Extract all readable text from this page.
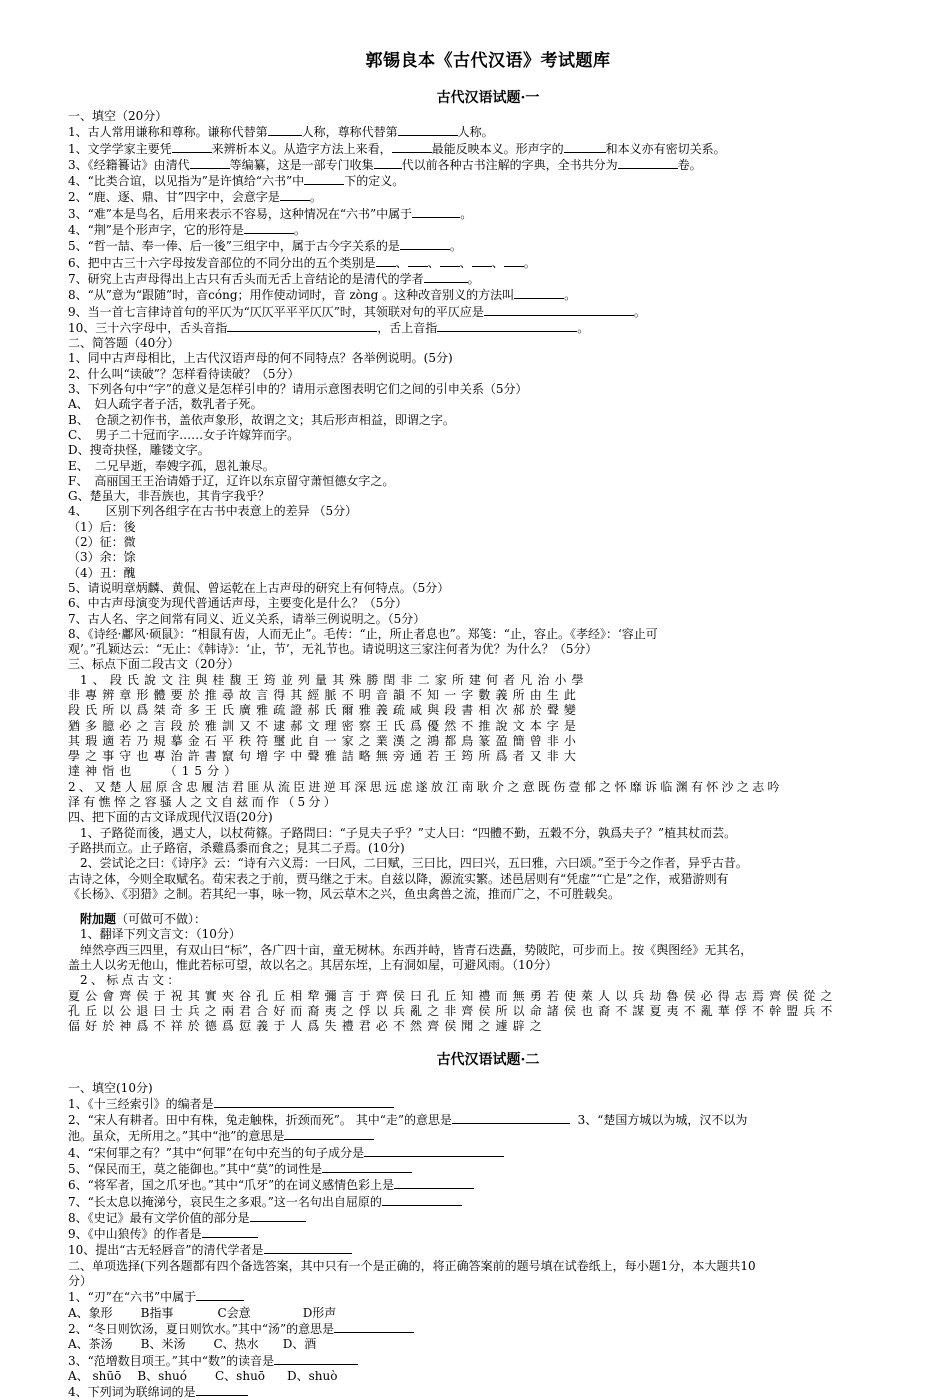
郭锡良本《古代汉语》考试题库
古代汉语试题·一
一、填空（20分）
1、古人常用谦称和尊称。谦称代替第	人称，尊称代替第	人称。
1、文学学家主要凭	来辨析本义。从造字方法上来看，	最能反映本义。形声字的	和本义亦有密切关系。
3、《经籍籑诂》由清代	等编纂，这是一部专门收集 代以前各种古书注解的字典，全书共分为	卷。
4、“比类合谊，以见指为”是许慎给“六书”中	下的定义。
2、“鹿、逐、鼎、甘”四字中，会意字是	。
3、“难”本是鸟名，后用来表示不容易，这种情况在“六书”中属于	。
4、“荆”是个形声字，它的形符是	。
5、“哲一喆、奉一俸、后一後”三组字中，属于古今字关系的是	。
6、把中古三十六字母按发音部位的不同分出的五个类别是 、 、 、 、 。
7、研究上古声母得出上古只有舌头而无舌上音结论的是清代的学者	。
8、“从”意为“跟随”时，音cóng；用作使动词时，音 zòng 。这种改音别义的方法叫	。
9、当一首七言律诗首句的平仄为“仄仄平平平仄仄”时，其领联对句的平仄应是	。
10、三十六字母中，舌头音指	，舌上音指	。
二、简答题（40分）
1、同中古声母相比，上古代汉语声母的何不同特点？各举例说明。(5分)
2、什么叫“读破”？怎样看待读破？（5分）
3、下列各句中“字”的意义是怎样引申的？请用示意图表明它们之间的引申关系（5分）
A、　妇人疏字者子活，数乳者子死。
B、　仓颉之初作书，盖依声象形，故谓之文；其后形声相益，即谓之字。
C、　男子二十冠而字……女子许嫁笄而字。
D、搜奇抉怪，雕镂文字。
E、　二兄早逝，奉嫂字孤，恩礼兼尽。
F、　高丽国王王治请婚于辽，辽许以东京留守萧恒德女字之。
G、楚虽大，非吾族也，其肯字我乎？
4、　　区别下列各组字在古书中表意上的差异 （5分）
（1）后：後
（2）征：微
（3）余：馀
（4）丑：醜
5、请说明章炳麟、黄侃、曾运乾在上古声母的研究上有何特点。（5分）
6、中古声母演变为现代普通话声母，主要变化是什么？（5分）
7、古人名、字之间常有同义、近义关系，请举三例说明之。（5分）
8、《诗经·鄘风·硕鼠》：“相鼠有齿，人而无止”。毛传：“止，所止者息也”。郑笺：“止，容止。《孝经》：‘容止可
观’。”孔颖达云：“无止：《韩诗》：‘止，节’，无礼节也。请说明这三家注何者为优？为什么？（5分）
三、标点下面二段古文（20分）
1、段氏說文注與桂馥王筠並列量其殊勝閏非二家所建何者凡治小學
非專辨章形體要於推尋故言得其經脈不明音韻不知一字數義所由生此
段氏所以爲桀奇多王氏廣雅疏證郝氏爾雅義疏咸與段書相次郝於聲變
猶多臆必之言段於雅訓又不逮郝文理密察王氏爲優然不推說文本字是
其瑕適若乃規摹金石平秩符璽此自一家之業漢之鴻都鳥篆盈簡曾非小
學之事守也專治許書竄句增字中聲雅詰略無旁通若王筠所爲者又非大
達神恉也　　（15分）
2、又楚人屈原含忠履洁君匪从流臣进逆耳深思远虑遂放江南耿介之意既伤壹郁之怀靡诉临渊有怀沙之志吟
泽有憔悴之容骚人之文自兹而作（5分）
四、把下面的古文译成现代汉语(20分)
1、子路從而後，遇丈人，以杖荷篠。子路問曰：“子見夫子乎？”丈人曰：“四體不勤，五穀不分，孰爲夫子？”植其杖而芸。
子路拱而立。止子路宿，杀雞爲黍而食之；見其二子焉。(10分)
2、尝试论之曰：《诗序》云：“诗有六义焉：一曰风，二曰赋，三曰比，四曰兴，五曰雅，六曰颂。”至于今之作者，异乎古昔。
古诗之体，今则全取赋名。荀宋表之于前，贾马继之于末。自兹以降，源流实繁。述邑居则有“凭虚”“亡是”之作，戒猎游则有
《长杨》、《羽猎》之制。若其纪一事，咏一物，风云草木之兴，鱼虫禽兽之流，推而广之，不可胜载矣。
附加题（可做可不做）：
1、翻译下列文言文：（10分）
绰然亭西三四里，有双山曰“标”，各广四十亩，童无树林。东西并峙，皆青石迭矗，势陂陀，可步而上。按《舆图经》无其名，
盖土人以劣无他山，惟此若标可望，故以名之。其居东垤，上有洞如屋，可避风雨。（10分）
2、标点古文：
夏公會齊侯于祝其實夾谷孔丘相犂彌言于齊侯曰孔丘知禮而無勇若使萊人以兵劫魯侯必得志焉齊侯從之
孔丘以公退曰士兵之兩君合好而裔夷之俘以兵亂之非齊侯所以命諸侯也裔不謀夏夷不亂華俘不幹盟兵不
偪好於神爲不祥於德爲愆義于人爲失禮君必不然齊侯聞之遽辟之
古代汉语试题·二
一、填空(10分)
1、《十三经索引》的编者是
2、“宋人有耕者。田中有株，兔走触株，折颈而死”。 其中“走”的意思是	3、“楚国方城以为城，汉不以为
池。虽众，无所用之。”其中“池”的意思是
4、“宋何罪之有？”其中“何罪”在句中充当的句子成分是
5、“保民而王，莫之能御也。”其中“莫”的词性是
6、“将军者，国之爪牙也。”其中“爪牙”的在词义感情色彩上是
7、“长太息以掩涕兮，哀民生之多艰。”这一名句出自屈原的
8、《史记》最有文学价值的部分是
9、《中山狼传》的作者是
10、提出“古无轻唇音”的清代学者是
二、单项选择(下列各题都有四个备选答案，其中只有一个是正确的，将正确答案前的题号填在试卷纸上，每小题1分，本大题共10
分）
1、“刃”在“六书”中属于
A、象形 B指事	C会意	D形声
2、“冬日则饮汤，夏日则饮水。”其中“汤”的意思是
A、茶汤 B、米汤 C、热水 D、酒
3、“范增数目项王。”其中“数”的读音是
A、 shūō B、shuó C、shuō D、shuò
4、下列词为联绵词的是
